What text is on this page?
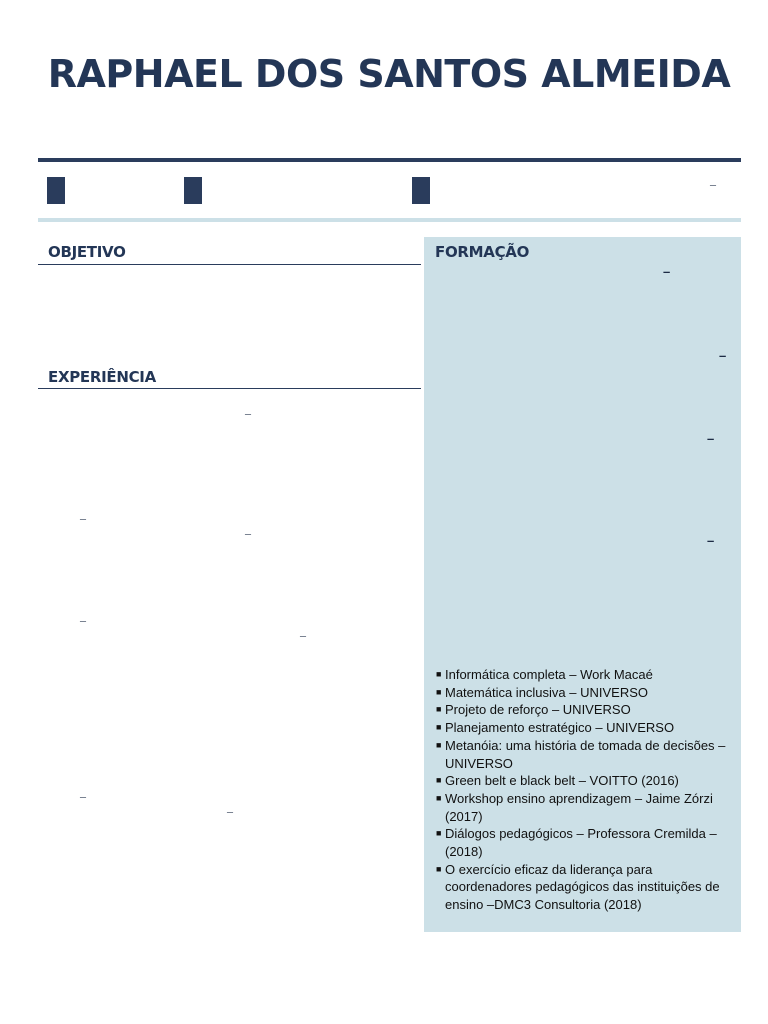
RAPHAEL DOS SANTOS ALMEIDA
–
OBJETIVO
EXPERIÊNCIA
–
–
–
–
–
–
–
FORMAÇÃO
–
–
–
–
■ Informática completa – Work Macaé
■ Matemática inclusiva – UNIVERSO
■ Projeto de reforço – UNIVERSO
■ Planejamento estratégico – UNIVERSO
■ Metanóia: uma história de tomada de decisões – UNIVERSO
■ Green belt e black belt – VOITTO (2016)
■ Workshop ensino aprendizagem – Jaime Zórzi (2017)
■ Diálogos pedagógicos – Professora Cremilda – (2018)
■ O exercício eficaz da liderança para coordenadores pedagógicos das instituições de ensino –DMC3 Consultoria (2018)
